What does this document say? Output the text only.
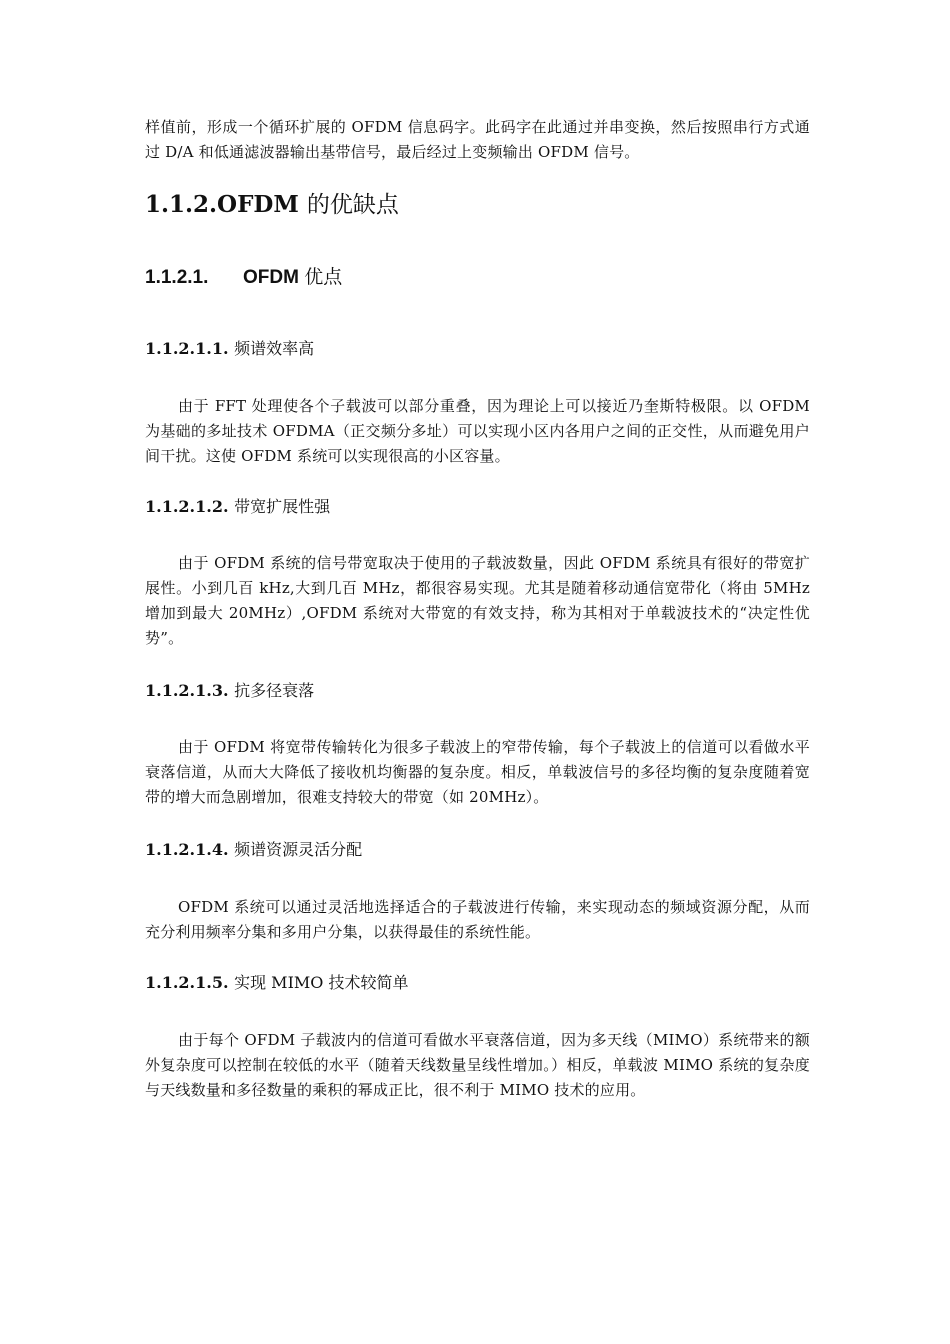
样值前，形成一个循环扩展的 OFDM 信息码字。此码字在此通过并串变换，然后按照串行方式通过 D/A 和低通滤波器输出基带信号，最后经过上变频输出 OFDM 信号。

1.1.2.OFDM 的优缺点
1.1.2.1. OFDM 优点
1.1.2.1.1. 频谱效率高

由于 FFT 处理使各个子载波可以部分重叠，因为理论上可以接近乃奎斯特极限。以 OFDM 为基础的多址技术 OFDMA（正交频分多址）可以实现小区内各用户之间的正交性，从而避免用户间干扰。这使 OFDM 系统可以实现很高的小区容量。

1.1.2.1.2. 带宽扩展性强

由于 OFDM 系统的信号带宽取决于使用的子载波数量，因此 OFDM 系统具有很好的带宽扩展性。小到几百 kHz,大到几百 MHz，都很容易实现。尤其是随着移动通信宽带化（将由 5MHz 增加到最大 20MHz）,OFDM 系统对大带宽的有效支持，称为其相对于单载波技术的“决定性优势”。

1.1.2.1.3. 抗多径衰落

由于 OFDM 将宽带传输转化为很多子载波上的窄带传输，每个子载波上的信道可以看做水平衰落信道，从而大大降低了接收机均衡器的复杂度。相反，单载波信号的多径均衡的复杂度随着宽带的增大而急剧增加，很难支持较大的带宽（如 20MHz）。

1.1.2.1.4. 频谱资源灵活分配

OFDM 系统可以通过灵活地选择适合的子载波进行传输，来实现动态的频域资源分配，从而充分利用频率分集和多用户分集，以获得最佳的系统性能。

1.1.2.1.5. 实现 MIMO 技术较简单

由于每个 OFDM 子载波内的信道可看做水平衰落信道，因为多天线（MIMO）系统带来的额外复杂度可以控制在较低的水平（随着天线数量呈线性增加。）相反，单载波 MIMO 系统的复杂度与天线数量和多径数量的乘积的幂成正比，很不利于 MIMO 技术的应用。
